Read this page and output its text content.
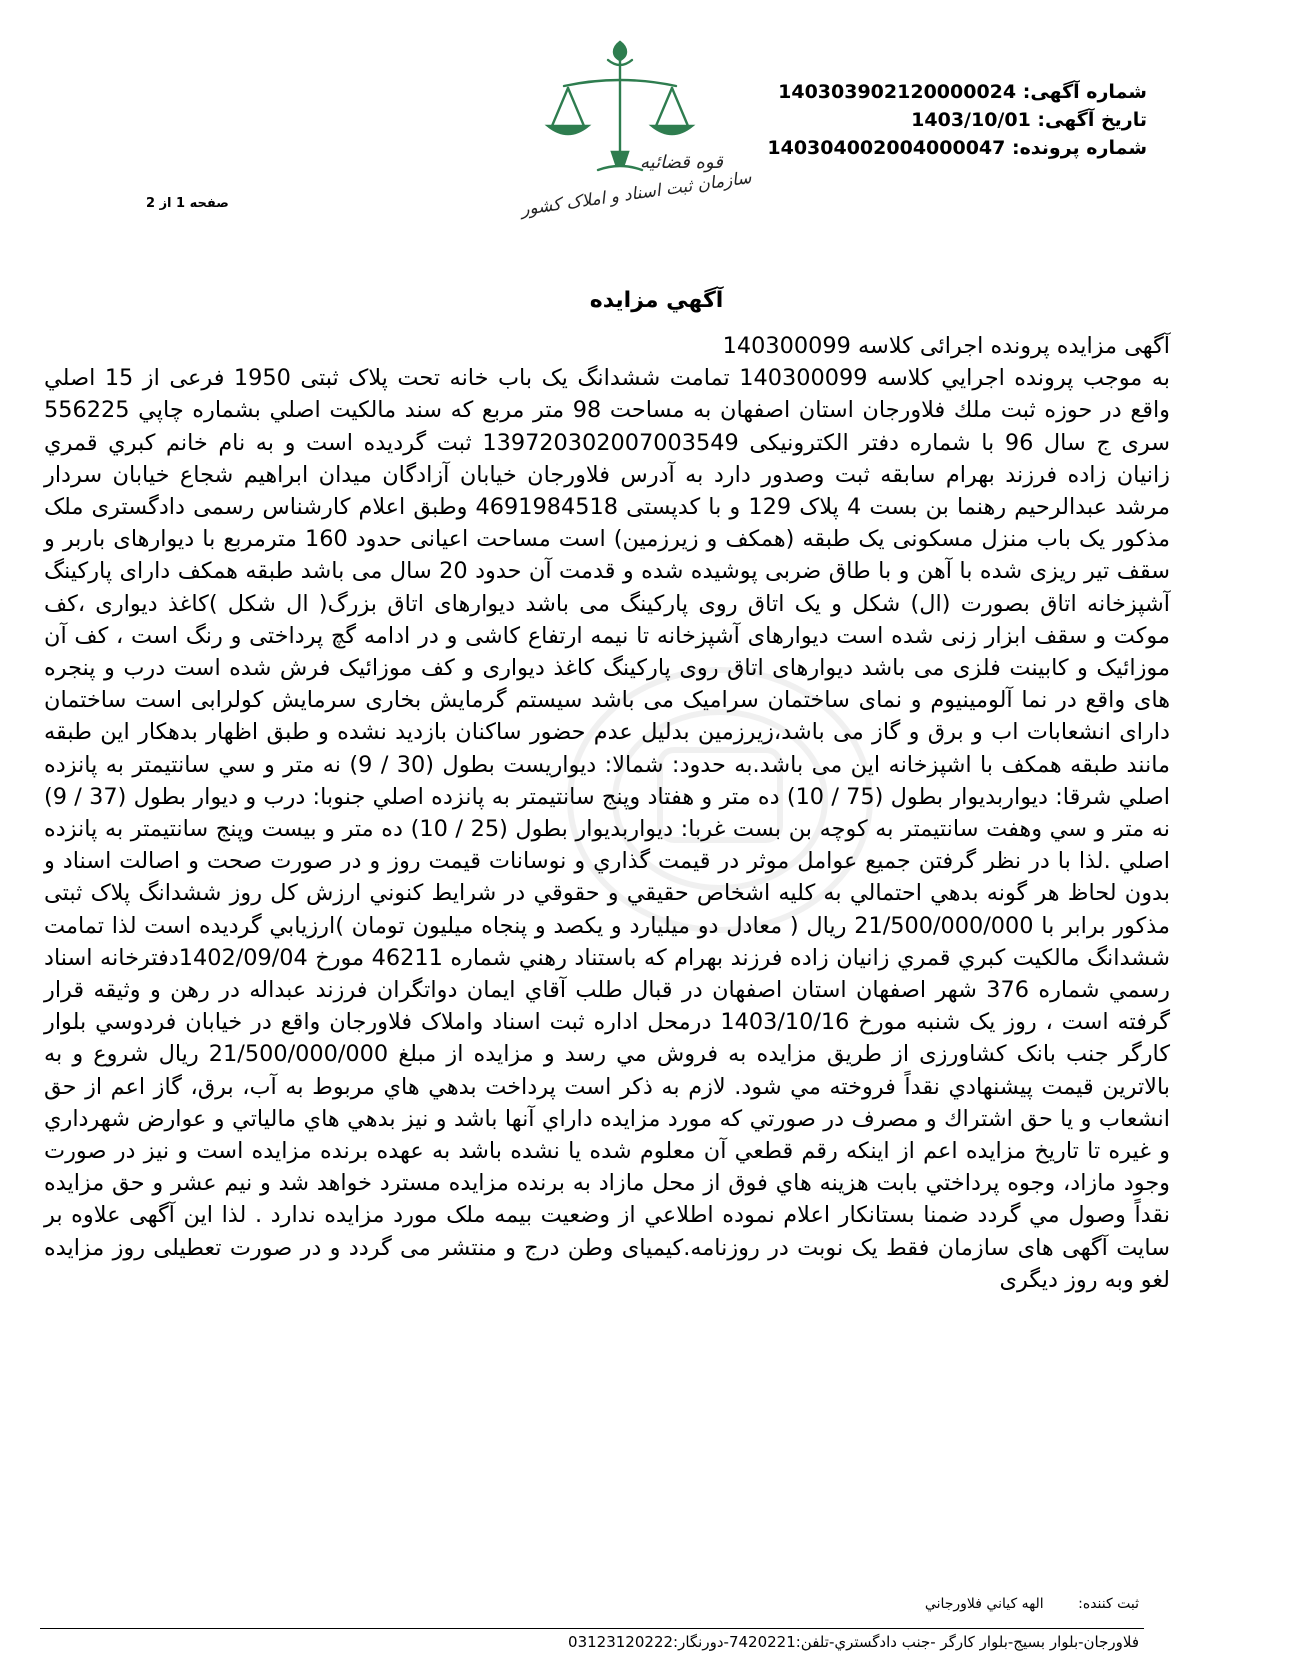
شماره آگهی: 140303902120000024
تاریخ آگهی: 1403/10/01
شماره پرونده: 140304002004000047
صفحه 1 از 2
قوه قضائیه
سازمان ثبت اسناد و املاک کشور
آگهي مزايده

آگهی مزایده پرونده اجرائی کلاسه 140300099

به موجب پرونده اجرايي كلاسه 140300099 تمامت ششدانگ یک باب خانه تحت پلاک ثبتی 1950 فرعی از 15 اصلي واقع در حوزه ثبت ملك فلاورجان استان اصفهان به مساحت 98 متر مربع كه سند مالكيت اصلي بشماره چاپي 556225 سری ج سال 96 با شماره دفتر الکترونیکی 139720302007003549 ثبت گرديده است و به نام خانم كبري قمري زانیان زاده فرزند بهرام سابقه ثبت وصدور دارد به آدرس فلاورجان خیابان آزادگان میدان ابراهیم شجاع خیابان سردار مرشد عبدالرحیم رهنما بن بست 4 پلاک 129 و با کدپستی 4691984518 وطبق اعلام کارشناس رسمی دادگستری ملک مذکور یک باب منزل مسکونی یک طبقه (همکف و زیرزمین) است مساحت اعیانی حدود 160 مترمربع با دیوارهای باربر و سقف تیر ریزی شده با آهن و با طاق ضربی پوشیده شده و قدمت آن حدود 20 سال می باشد طبقه همکف دارای پارکینگ آشپزخانه اتاق بصورت (ال) شکل و یک اتاق روی پارکینگ می باشد دیوارهای اتاق بزرگ( ال شکل )کاغذ دیواری ،کف موکت و سقف ابزار زنی شده است دیوارهای آشپزخانه تا نیمه ارتفاع کاشی و در ادامه گچ پرداختی و رنگ است ، کف آن موزائیک و کابینت فلزی می باشد دیوارهای اتاق روی پارکینگ کاغذ دیواری و کف موزائیک فرش شده است درب و پنجره های واقع در نما آلومینیوم و نمای ساختمان سرامیک می باشد سیستم گرمایش بخاری سرمایش کولرابی است ساختمان دارای انشعابات اب و برق و گاز می باشد،زیرزمین بدلیل عدم حضور ساکنان بازدید نشده و طبق اظهار بدهکار این طبقه مانند طبقه همکف با اشپزخانه این می باشد.به حدود: شمالا: دیواریست بطول (30 / 9) نه متر و سي سانتيمتر به پانزده اصلي شرقا: ديواربديوار بطول (75 / 10) ده متر و هفتاد وپنج سانتیمتر به پانزده اصلي جنوبا: درب و ديوار بطول (37 / 9) نه متر و سي وهفت سانتيمتر به كوچه بن بست غربا: ديواربديوار بطول (25 / 10) ده متر و بيست وپنج سانتيمتر به پانزده اصلي .لذا با در نظر گرفتن جميع عوامل موثر در قيمت گذاري و نوسانات قيمت روز و در صورت صحت و اصالت اسناد و بدون لحاظ هر گونه بدهي احتمالي به كليه اشخاص حقيقي و حقوقي در شرايط كنوني ارزش كل روز ششدانگ پلاک ثبتی مذكور برابر با 21/500/000/000 ريال ( معادل دو ميليارد و يكصد و پنجاه ميليون تومان )ارزيابي گرديده است لذا تمامت ششدانگ مالكيت كبري قمري زانیان زاده فرزند بهرام كه باستناد رهني شماره 46211 مورخ 1402/09/04دفترخانه اسناد رسمي شماره 376 شهر اصفهان استان اصفهان در قبال طلب آقاي ايمان دواتگران فرزند عبداله در رهن و وثیقه قرار گرفته است ، روز يک شنبه مورخ 1403/10/16 درمحل اداره ثبت اسناد واملاک فلاورجان واقع در خيابان فردوسي بلوار کارگر جنب بانک کشاورزی از طريق مزايده به فروش مي رسد و مزايده از مبلغ 21/500/000/000 ريال شروع و به بالاترين قيمت پيشنهادي نقداً فروخته مي شود. لازم به ذكر است پرداخت بدهي هاي مربوط به آب، برق، گاز اعم از حق انشعاب و يا حق اشتراك و مصرف در صورتي كه مورد مزايده داراي آنها باشد و نيز بدهي هاي مالياتي و عوارض شهرداري و غيره تا تاريخ مزايده اعم از اينكه رقم قطعي آن معلوم شده يا نشده باشد به عهده برنده مزايده است و نيز در صورت وجود مازاد، وجوه پرداختي بابت هزينه هاي فوق از محل مازاد به برنده مزايده مسترد خواهد شد و نيم عشر و حق مزايده نقداً وصول مي گردد ضمنا بستانكار اعلام نموده اطلاعي از وضعيت بيمه ملک مورد مزايده ندارد . لذا این آگهی علاوه بر سایت آگهی های سازمان فقط یک نوبت در روزنامه.کیمیای وطن درج و منتشر می گردد و در صورت تعطیلی روز مزایده لغو وبه روز دیگری

ثبت کننده: الهه كياني فلاورجاني
فلاورجان-بلوار بسيج-بلوار كارگر -جنب دادگستري-تلفن:7420221-دورنگار:03123120222
